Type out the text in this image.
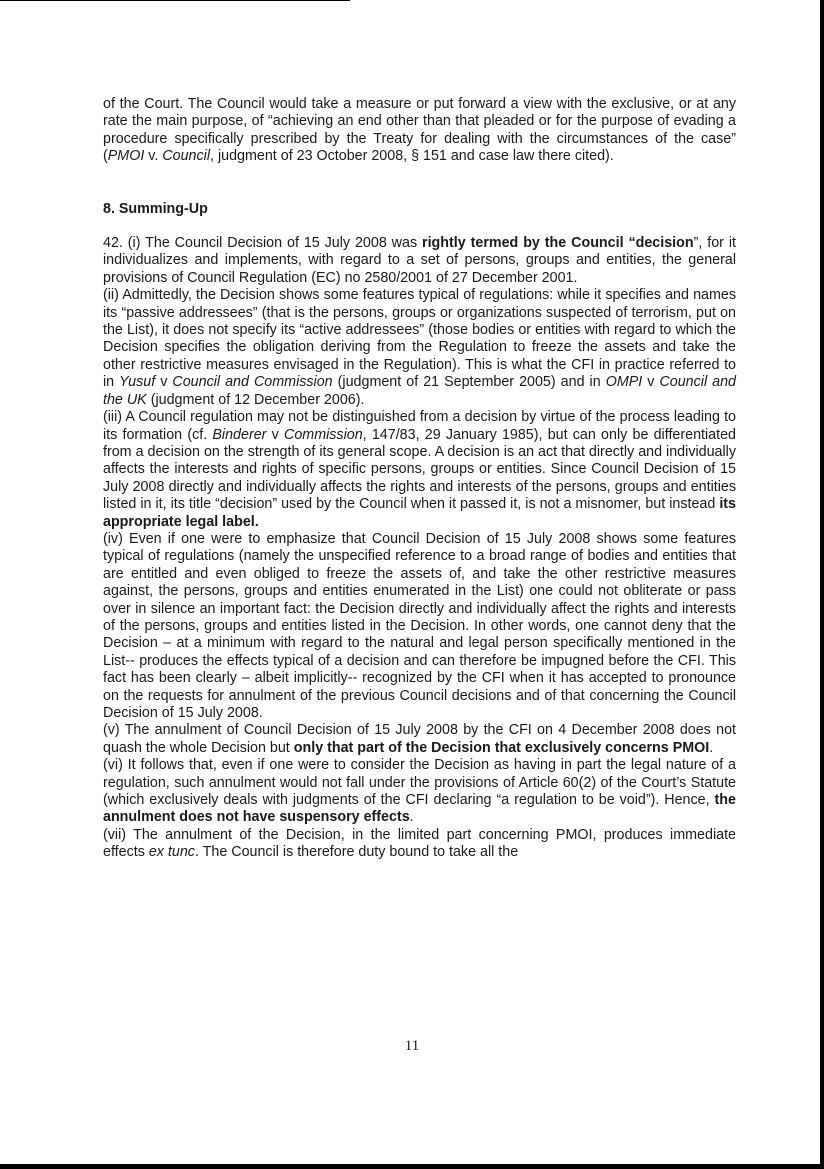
of the Court. The Council would take a measure or put forward a view with the exclusive, or at any rate the main purpose, of “achieving an end other than that pleaded or for the purpose of evading a procedure specifically prescribed by the Treaty for dealing with the circumstances of the case” (PMOI v. Council, judgment of 23 October 2008, § 151 and case law there cited).

8. Summing-Up

42. (i) The Council Decision of 15 July 2008 was rightly termed by the Council “decision”, for it individualizes and implements, with regard to a set of persons, groups and entities, the general provisions of Council Regulation (EC) no 2580/2001 of 27 December 2001.

(ii) Admittedly, the Decision shows some features typical of regulations: while it specifies and names its “passive addressees” (that is the persons, groups or organizations suspected of terrorism, put on the List), it does not specify its “active addressees” (those bodies or entities with regard to which the Decision specifies the obligation deriving from the Regulation to freeze the assets and take the other restrictive measures envisaged in the Regulation). This is what the CFI in practice referred to in Yusuf v Council and Commission (judgment of 21 September 2005) and in OMPI v Council and the UK (judgment of 12 December 2006).

(iii) A Council regulation may not be distinguished from a decision by virtue of the process leading to its formation (cf. Binderer v Commission, 147/83, 29 January 1985), but can only be differentiated from a decision on the strength of its general scope. A decision is an act that directly and individually affects the interests and rights of specific persons, groups or entities. Since Council Decision of 15 July 2008 directly and individually affects the rights and interests of the persons, groups and entities listed in it, its title “decision” used by the Council when it passed it, is not a misnomer, but instead its appropriate legal label.

(iv) Even if one were to emphasize that Council Decision of 15 July 2008 shows some features typical of regulations (namely the unspecified reference to a broad range of bodies and entities that are entitled and even obliged to freeze the assets of, and take the other restrictive measures against, the persons, groups and entities enumerated in the List) one could not obliterate or pass over in silence an important fact: the Decision directly and individually affect the rights and interests of the persons, groups and entities listed in the Decision. In other words, one cannot deny that the Decision – at a minimum with regard to the natural and legal person specifically mentioned in the List-- produces the effects typical of a decision and can therefore be impugned before the CFI. This fact has been clearly – albeit implicitly-- recognized by the CFI when it has accepted to pronounce on the requests for annulment of the previous Council decisions and of that concerning the Council Decision of 15 July 2008.

(v) The annulment of Council Decision of 15 July 2008 by the CFI on 4 December 2008 does not quash the whole Decision but only that part of the Decision that exclusively concerns PMOI.

(vi) It follows that, even if one were to consider the Decision as having in part the legal nature of a regulation, such annulment would not fall under the provisions of Article 60(2) of the Court’s Statute (which exclusively deals with judgments of the CFI declaring “a regulation to be void”). Hence, the annulment does not have suspensory effects.

(vii) The annulment of the Decision, in the limited part concerning PMOI, produces immediate effects ex tunc. The Council is therefore duty bound to take all the

11
